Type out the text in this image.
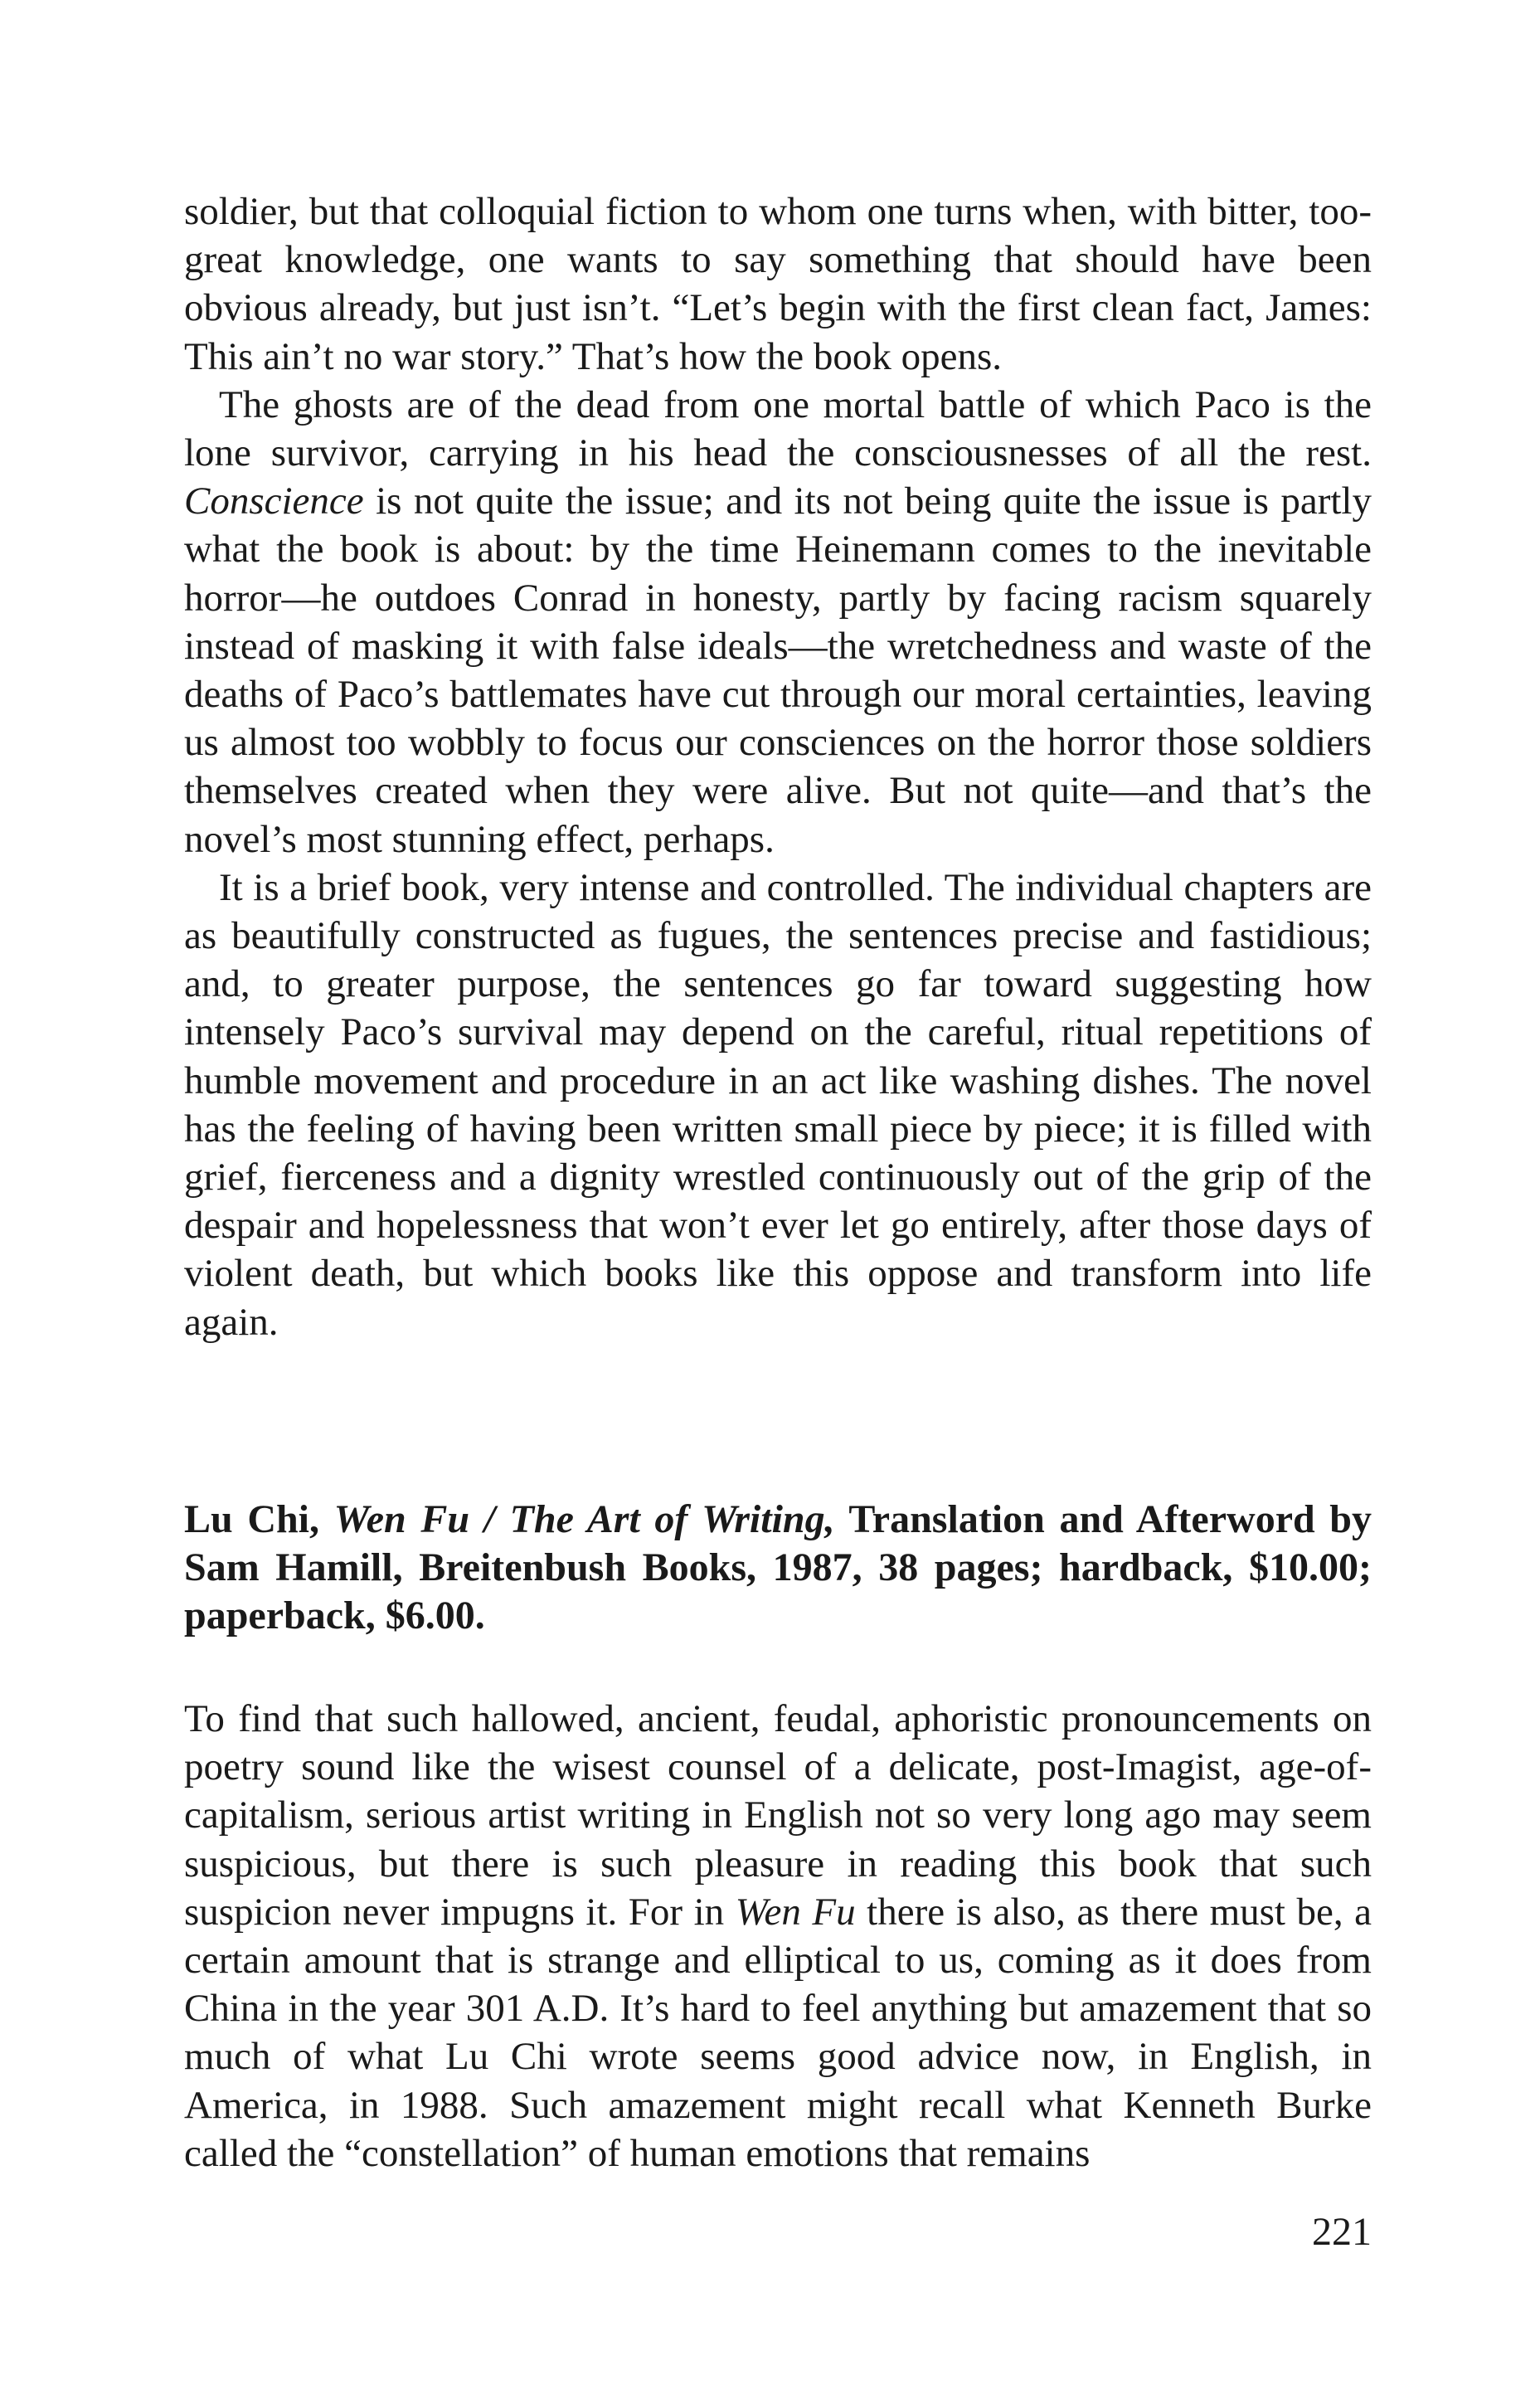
soldier, but that colloquial fiction to whom one turns when, with bitter, too-great knowledge, one wants to say something that should have been obvious already, but just isn’t. “Let’s begin with the first clean fact, James: This ain’t no war story.” That’s how the book opens.

The ghosts are of the dead from one mortal battle of which Paco is the lone survivor, carrying in his head the consciousnesses of all the rest. Conscience is not quite the issue; and its not being quite the issue is partly what the book is about: by the time Heinemann comes to the inevitable horror—he outdoes Conrad in honesty, partly by facing racism squarely instead of masking it with false ideals—the wretchedness and waste of the deaths of Paco’s battlemates have cut through our moral certainties, leaving us almost too wobbly to focus our consciences on the horror those soldiers themselves created when they were alive. But not quite—and that’s the novel’s most stunning effect, perhaps.

It is a brief book, very intense and controlled. The individual chapters are as beautifully constructed as fugues, the sentences precise and fastidious; and, to greater purpose, the sentences go far toward suggesting how intensely Paco’s survival may depend on the careful, ritual repetitions of humble movement and procedure in an act like washing dishes. The novel has the feeling of having been written small piece by piece; it is filled with grief, fierceness and a dignity wrestled continuously out of the grip of the despair and hopelessness that won’t ever let go entirely, after those days of violent death, but which books like this oppose and transform into life again.

Lu Chi, Wen Fu / The Art of Writing, Translation and Afterword by Sam Hamill, Breitenbush Books, 1987, 38 pages; hardback, $10.00; paperback, $6.00.

To find that such hallowed, ancient, feudal, aphoristic pronouncements on poetry sound like the wisest counsel of a delicate, post-Imagist, age-of-capitalism, serious artist writing in English not so very long ago may seem suspicious, but there is such pleasure in reading this book that such suspicion never impugns it. For in Wen Fu there is also, as there must be, a certain amount that is strange and elliptical to us, coming as it does from China in the year 301 A.D. It’s hard to feel anything but amazement that so much of what Lu Chi wrote seems good advice now, in English, in America, in 1988. Such amazement might recall what Kenneth Burke called the “constellation” of human emotions that remains

221
